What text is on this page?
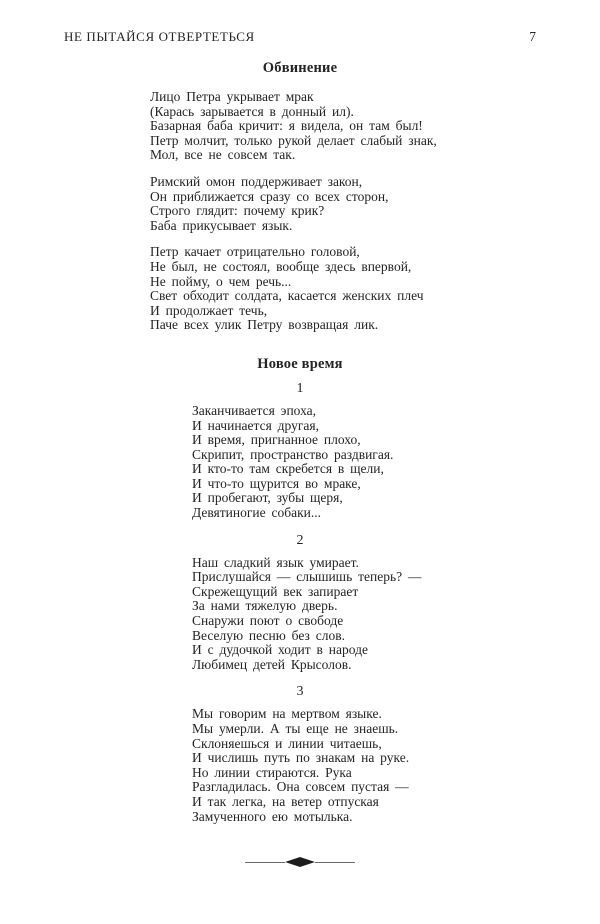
НЕ ПЫТАЙСЯ ОТВЕРТЕТЬСЯ	7
Обвинение
Лицо Петра укрывает мрак
(Карась зарывается в донный ил).
Базарная баба кричит: я видела, он там был!
Петр молчит, только рукой делает слабый знак,
Мол, все не совсем так.
Римский омон поддерживает закон,
Он приближается сразу со всех сторон,
Строго глядит: почему крик?
Баба прикусывает язык.
Петр качает отрицательно головой,
Не был, не состоял, вообще здесь впервой,
Не пойму, о чем речь...
Свет обходит солдата, касается женских плеч
И продолжает течь,
Паче всех улик Петру возвращая лик.
Новое время
1
Заканчивается эпоха,
И начинается другая,
И время, пригнанное плохо,
Скрипит, пространство раздвигая.
И кто-то там скребется в щели,
И что-то щурится во мраке,
И пробегают, зубы щеря,
Девятиногие собаки...
2
Наш сладкий язык умирает.
Прислушайся — слышишь теперь? —
Скрежещущий век запирает
За нами тяжелую дверь.
Снаружи поют о свободе
Веселую песню без слов.
И с дудочкой ходит в народе
Любимец детей Крысолов.
3
Мы говорим на мертвом языке.
Мы умерли. А ты еще не знаешь.
Склоняешься и линии читаешь,
И числишь путь по знакам на руке.
Но линии стираются. Рука
Разгладилась. Она совсем пустая —
И так легка, на ветер отпуская
Замученного ею мотылька.
